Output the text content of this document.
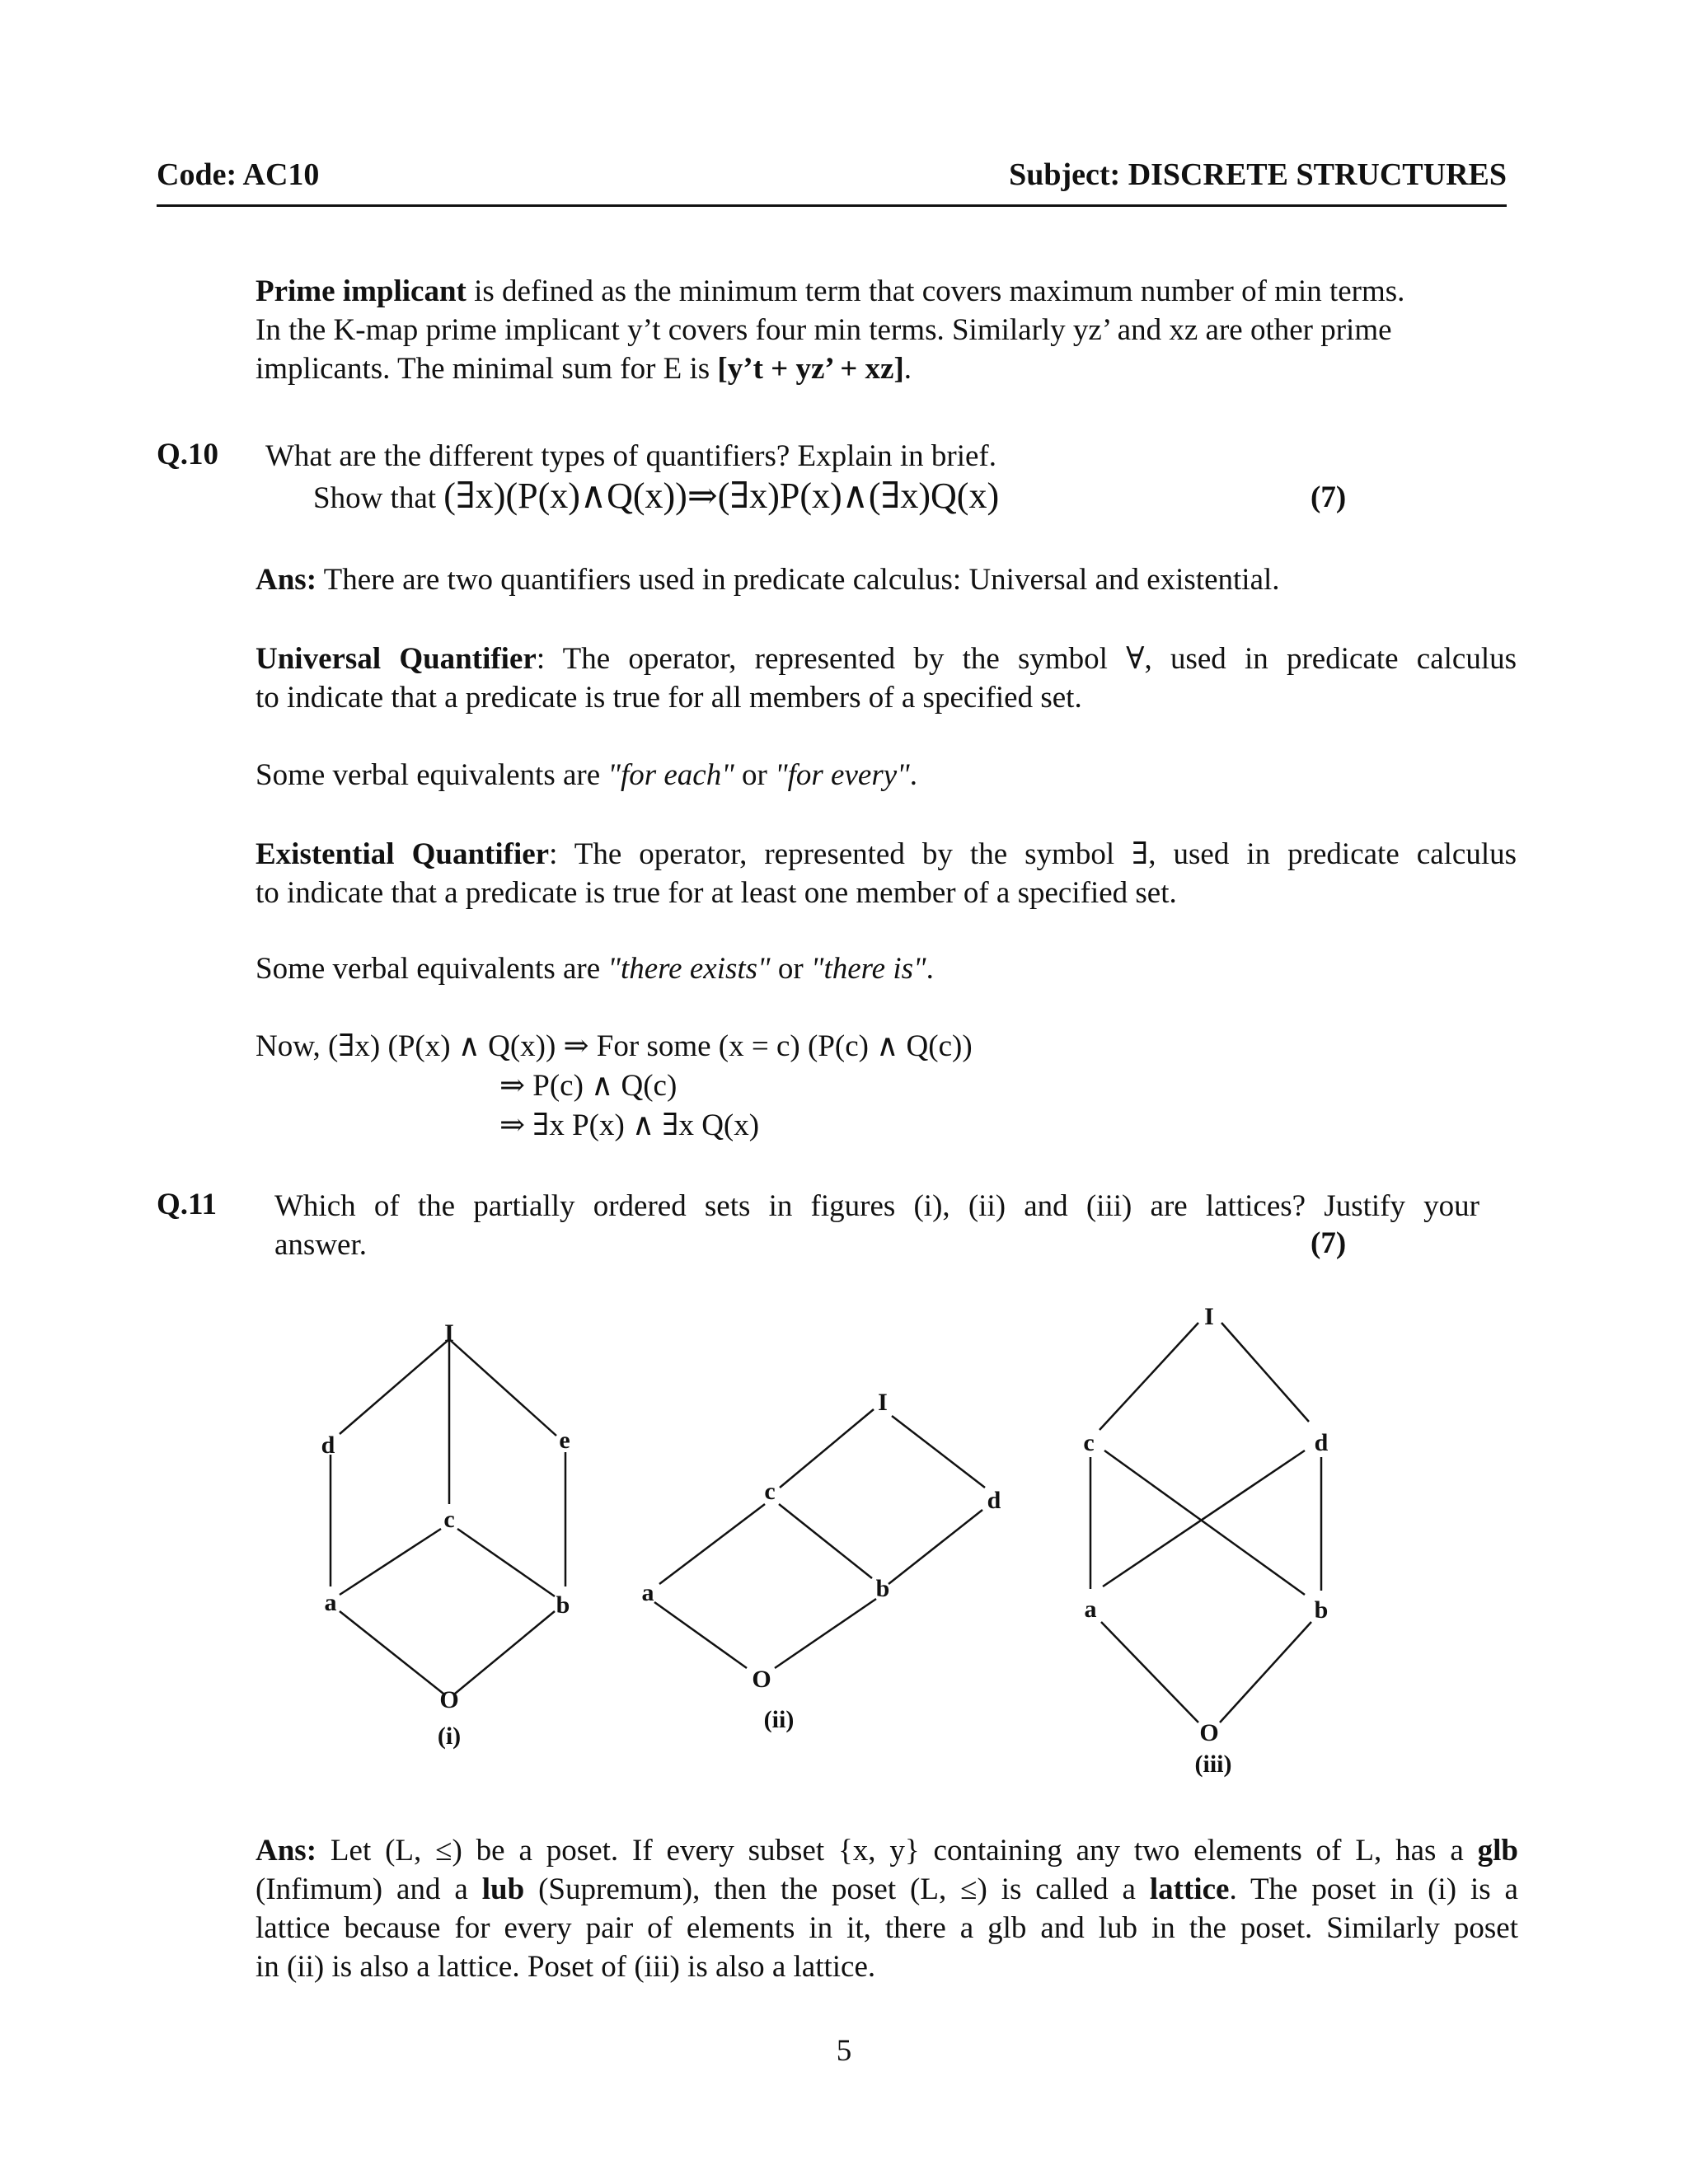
Code: AC10	Subject: DISCRETE STRUCTURES
Prime implicant is defined as the minimum term that covers maximum number of min terms.
In the K-map prime implicant y’t covers four min terms. Similarly yz’ and xz are other prime
implicants. The minimal sum for E is [y’t + yz’ + xz].
Q.10 What are the different types of quantifiers? Explain in brief.
Show that (∃x)(P(x)∧Q(x))⇒(∃x)P(x)∧(∃x)Q(x)	(7)
Ans: There are two quantifiers used in predicate calculus: Universal and existential.
Universal Quantifier: The operator, represented by the symbol ∀, used in predicate calculus
to indicate that a predicate is true for all members of a specified set.
Some verbal equivalents are "for each" or "for every".
Existential Quantifier: The operator, represented by the symbol ∃, used in predicate calculus
to indicate that a predicate is true for at least one member of a specified set.
Some verbal equivalents are "there exists" or "there is".
Now, (∃x) (P(x) ∧ Q(x)) ⇒ For some (x = c) (P(c) ∧ Q(c))
⇒ P(c) ∧ Q(c)
⇒ ∃x P(x) ∧ ∃x Q(x)
Q.11 Which of the partially ordered sets in figures (i), (ii) and (iii) are lattices? Justify your
answer.	(7)
I
d	e
c
a	b
O
(i)
I
c	d
a	b
O
(ii)
I
c	d
a	b
O
(iii)
Ans: Let (L, ≤) be a poset. If every subset {x, y} containing any two elements of L, has a glb
(Infimum) and a lub (Supremum), then the poset (L, ≤) is called a lattice. The poset in (i) is a
lattice because for every pair of elements in it, there a glb and lub in the poset. Similarly poset
in (ii) is also a lattice. Poset of (iii) is also a lattice.
5
